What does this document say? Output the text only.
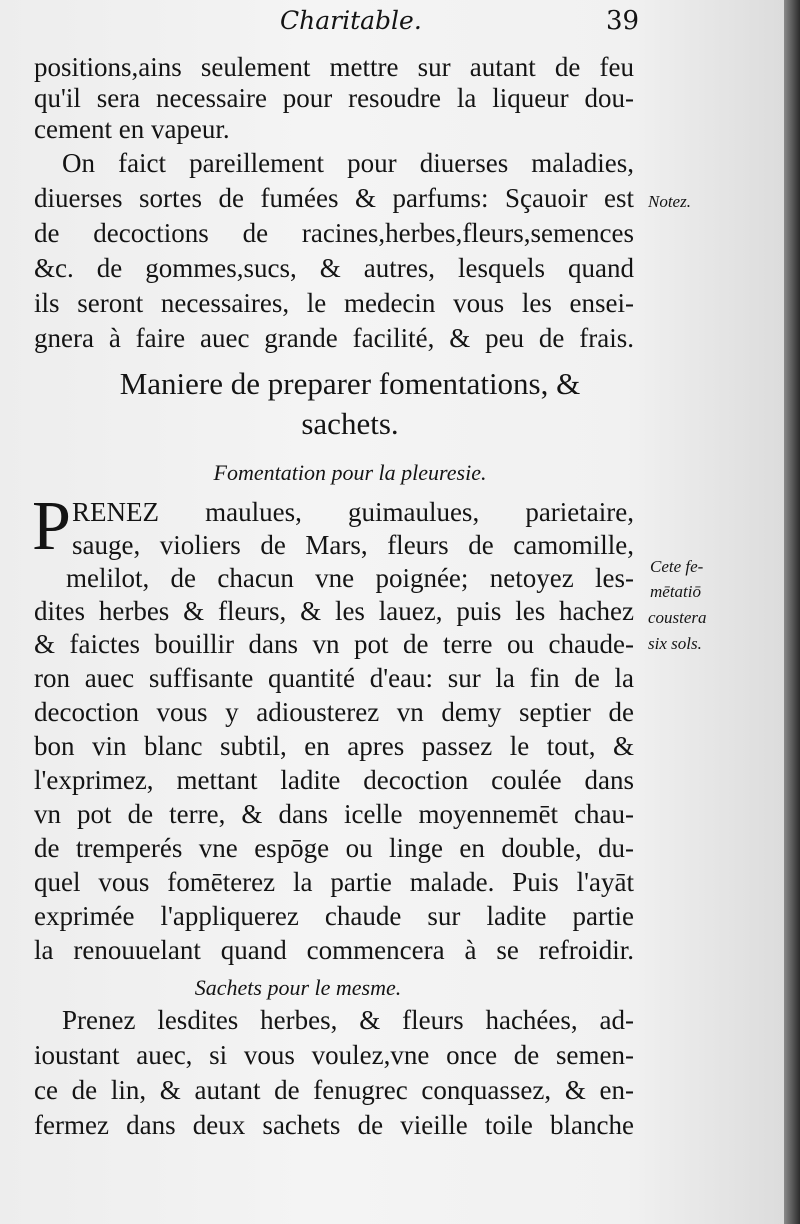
Charitable.	39
positions,ains seulement mettre sur autant de feu
qu'il sera necessaire pour resoudre la liqueur dou-
cement en vapeur.
On faict pareillement pour diuerses maladies,
diuerses sortes de fumées & parfums: Sçauoir est
de decoctions de racines,herbes,fleurs,semences
&c. de gommes,sucs, & autres, lesquels quand
ils seront necessaires, le medecin vous les ensei-
gnera à faire auec grande facilité, & peu de frais.
Maniere de preparer fomentations, &
sachets.
Fomentation pour la pleuresie.
P RENEZ maulues, guimaulues, parietaire,
sauge, violiers de Mars, fleurs de camomille,
melilot, de chacun vne poignée; netoyez les-
dites herbes & fleurs, & les lauez, puis les hachez
& faictes bouillir dans vn pot de terre ou chaude-
ron auec suffisante quantité d'eau: sur la fin de la
decoction vous y adiousterez vn demy septier de
bon vin blanc subtil, en apres passez le tout, &
l'exprimez, mettant ladite decoction coulée dans
vn pot de terre, & dans icelle moyennemēt chau-
de tremperés vne espōge ou linge en double, du-
quel vous fomēterez la partie malade. Puis l'ayāt
exprimée l'appliquerez chaude sur ladite partie
la renouuelant quand commencera à se refroidir.
Sachets pour le mesme.
Prenez lesdites herbes, & fleurs hachées, ad-
ioustant auec, si vous voulez,vne once de semen-
ce de lin, & autant de fenugrec conquassez, & en-
fermez dans deux sachets de vieille toile blanche
Notez.
Cete fe-
mētatiō
coustera
six sols.
